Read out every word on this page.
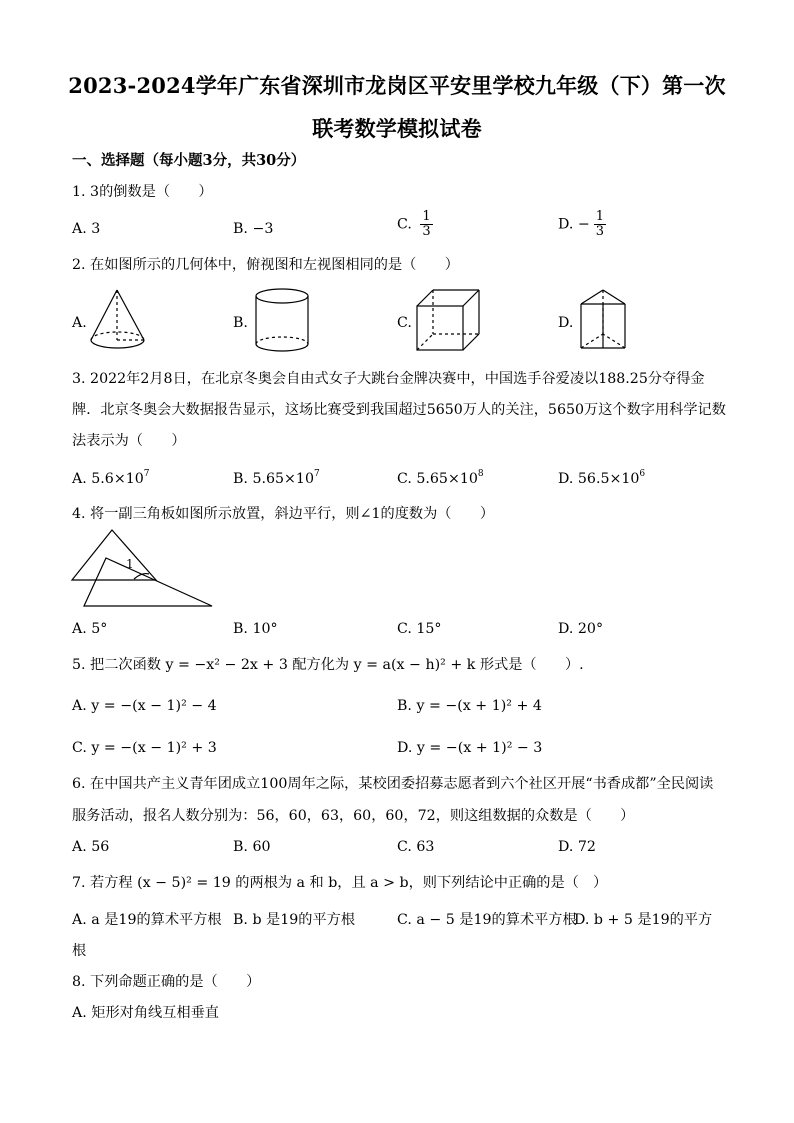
2023-2024学年广东省深圳市龙岗区平安里学校九年级（下）第一次
联考数学模拟试卷
一、选择题（每小题3分，共30分）
1. 3的倒数是（　　）
A. 3	B. −3	C. $\frac{1}{3}$	D. − $\frac{1}{3}$
2. 在如图所示的几何体中，俯视图和左视图相同的是（　　）
A.	B.	C.	D.
3. 2022年2月8日，在北京冬奥会自由式女子大跳台金牌决赛中，中国选手谷爱凌以188.25分夺得金
牌．北京冬奥会大数据报告显示，这场比赛受到我国超过5650万人的关注，5650万这个数字用科学记数
法表示为（　　）
A. $5.6\times 10^7$	B. $5.65\times 10^7$	C. $5.65\times 10^8$	D. $56.5\times 10^6$
4. 将一副三角板如图所示放置，斜边平行，则∠1的度数为（　　）
1
A. 5°	B. 10°	C. 15°	D. 20°
5. 把二次函数 y = −x² − 2x + 3 配方化为 y = a(x − h)² + k 形式是（　　）.
A. y = −(x − 1)² − 4	B. y = −(x + 1)² + 4
C. y = −(x − 1)² + 3	D. y = −(x + 1)² − 3
6. 在中国共产主义青年团成立100周年之际，某校团委招募志愿者到六个社区开展“书香成都”全民阅读
服务活动，报名人数分别为：56，60，63，60，60，72，则这组数据的众数是（　　）
A. 56	B. 60	C. 63	D. 72
7. 若方程 (x − 5)² = 19 的两根为 a 和 b，且 a > b，则下列结论中正确的是（　）
A. a 是19的算术平方根 B. b 是19的平方根	C. a − 5 是19的算术平方根
D. b + 5 是19的平方
根
8. 下列命题正确的是（　　）
A. 矩形对角线互相垂直
